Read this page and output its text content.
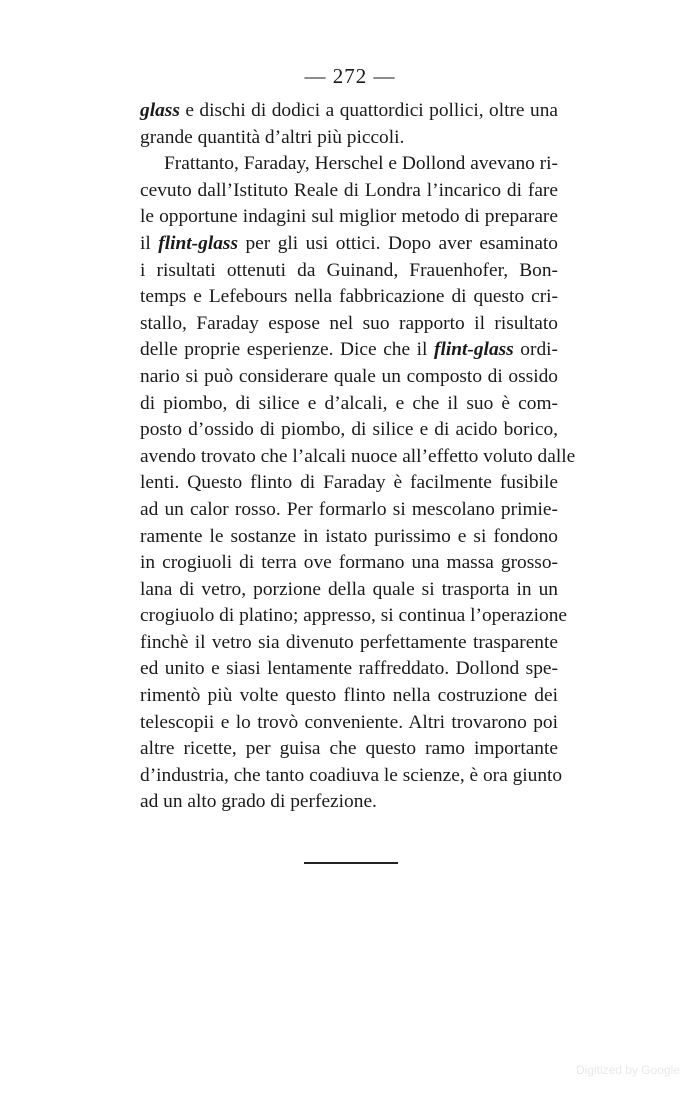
— 272 —
glass e dischi di dodici a quattordici pollici, oltre una
grande quantità d’altri più piccoli.
Frattanto, Faraday, Herschel e Dollond avevano ri-
cevuto dall’Istituto Reale di Londra l’incarico di fare
le opportune indagini sul miglior metodo di preparare
il flint-glass per gli usi ottici. Dopo aver esaminato
i risultati ottenuti da Guinand, Frauenhofer, Bon-
temps e Lefebours nella fabbricazione di questo cri-
stallo, Faraday espose nel suo rapporto il risultato
delle proprie esperienze. Dice che il flint-glass ordi-
nario si può considerare quale un composto di ossido
di piombo, di silice e d’alcali, e che il suo è com-
posto d’ossido di piombo, di silice e di acido borico,
avendo trovato che l’alcali nuoce all’effetto voluto dalle
lenti. Questo flinto di Faraday è facilmente fusibile
ad un calor rosso. Per formarlo si mescolano primie-
ramente le sostanze in istato purissimo e si fondono
in crogiuoli di terra ove formano una massa grosso-
lana di vetro, porzione della quale si trasporta in un
crogiuolo di platino; appresso, si continua l’operazione
finchè il vetro sia divenuto perfettamente trasparente
ed unito e siasi lentamente raffreddato. Dollond spe-
rimentò più volte questo flinto nella costruzione dei
telescopii e lo trovò conveniente. Altri trovarono poi
altre ricette, per guisa che questo ramo importante
d’industria, che tanto coadiuva le scienze, è ora giunto
ad un alto grado di perfezione.
Digitized by Google
